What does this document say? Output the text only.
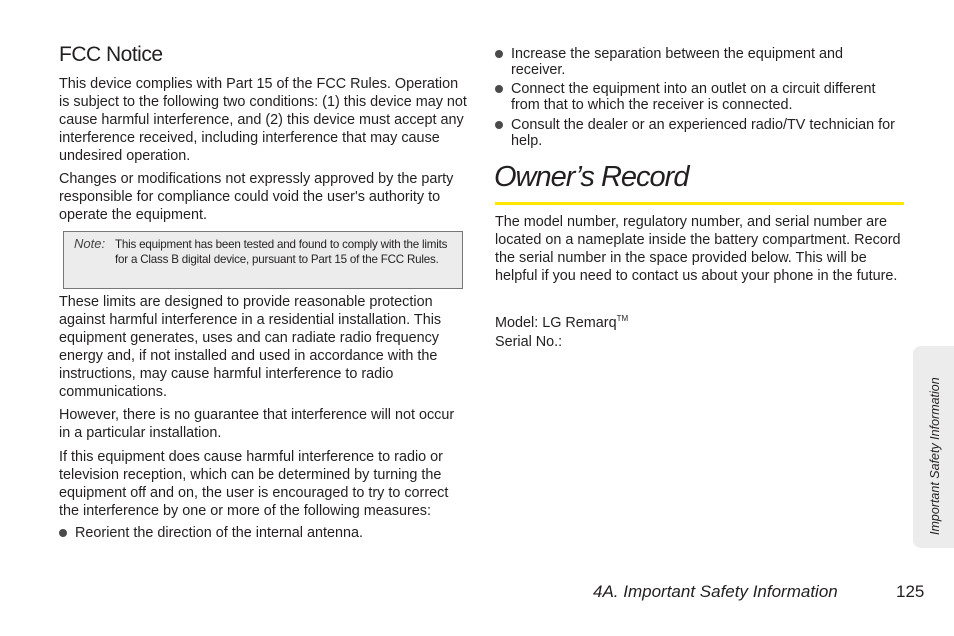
FCC Notice

This device complies with Part 15 of the FCC Rules. Operation is subject to the following two conditions: (1) this device may not cause harmful interference, and (2) this device must accept any interference received, including interference that may cause undesired operation.

Changes or modifications not expressly approved by the party responsible for compliance could void the user's authority to operate the equipment.

Note: This equipment has been tested and found to comply with the limits for a Class B digital device, pursuant to Part 15 of the FCC Rules.

These limits are designed to provide reasonable protection against harmful interference in a residential installation. This equipment generates, uses and can radiate radio frequency energy and, if not installed and used in accordance with the instructions, may cause harmful interference to radio communications.

However, there is no guarantee that interference will not occur in a particular installation.

If this equipment does cause harmful interference to radio or television reception, which can be determined by turning the equipment off and on, the user is encouraged to try to correct the interference by one or more of the following measures:

Reorient the direction of the internal antenna.
Increase the separation between the equipment and receiver.
Connect the equipment into an outlet on a circuit different from that to which the receiver is connected.
Consult the dealer or an experienced radio/TV technician for help.
Owner’s Record

The model number, regulatory number, and serial number are located on a nameplate inside the battery compartment. Record the serial number in the space provided below. This will be helpful if you need to contact us about your phone in the future.

Model: LG Remarq™

Serial No.:

Important Safety Information
4A. Important Safety Information	125
